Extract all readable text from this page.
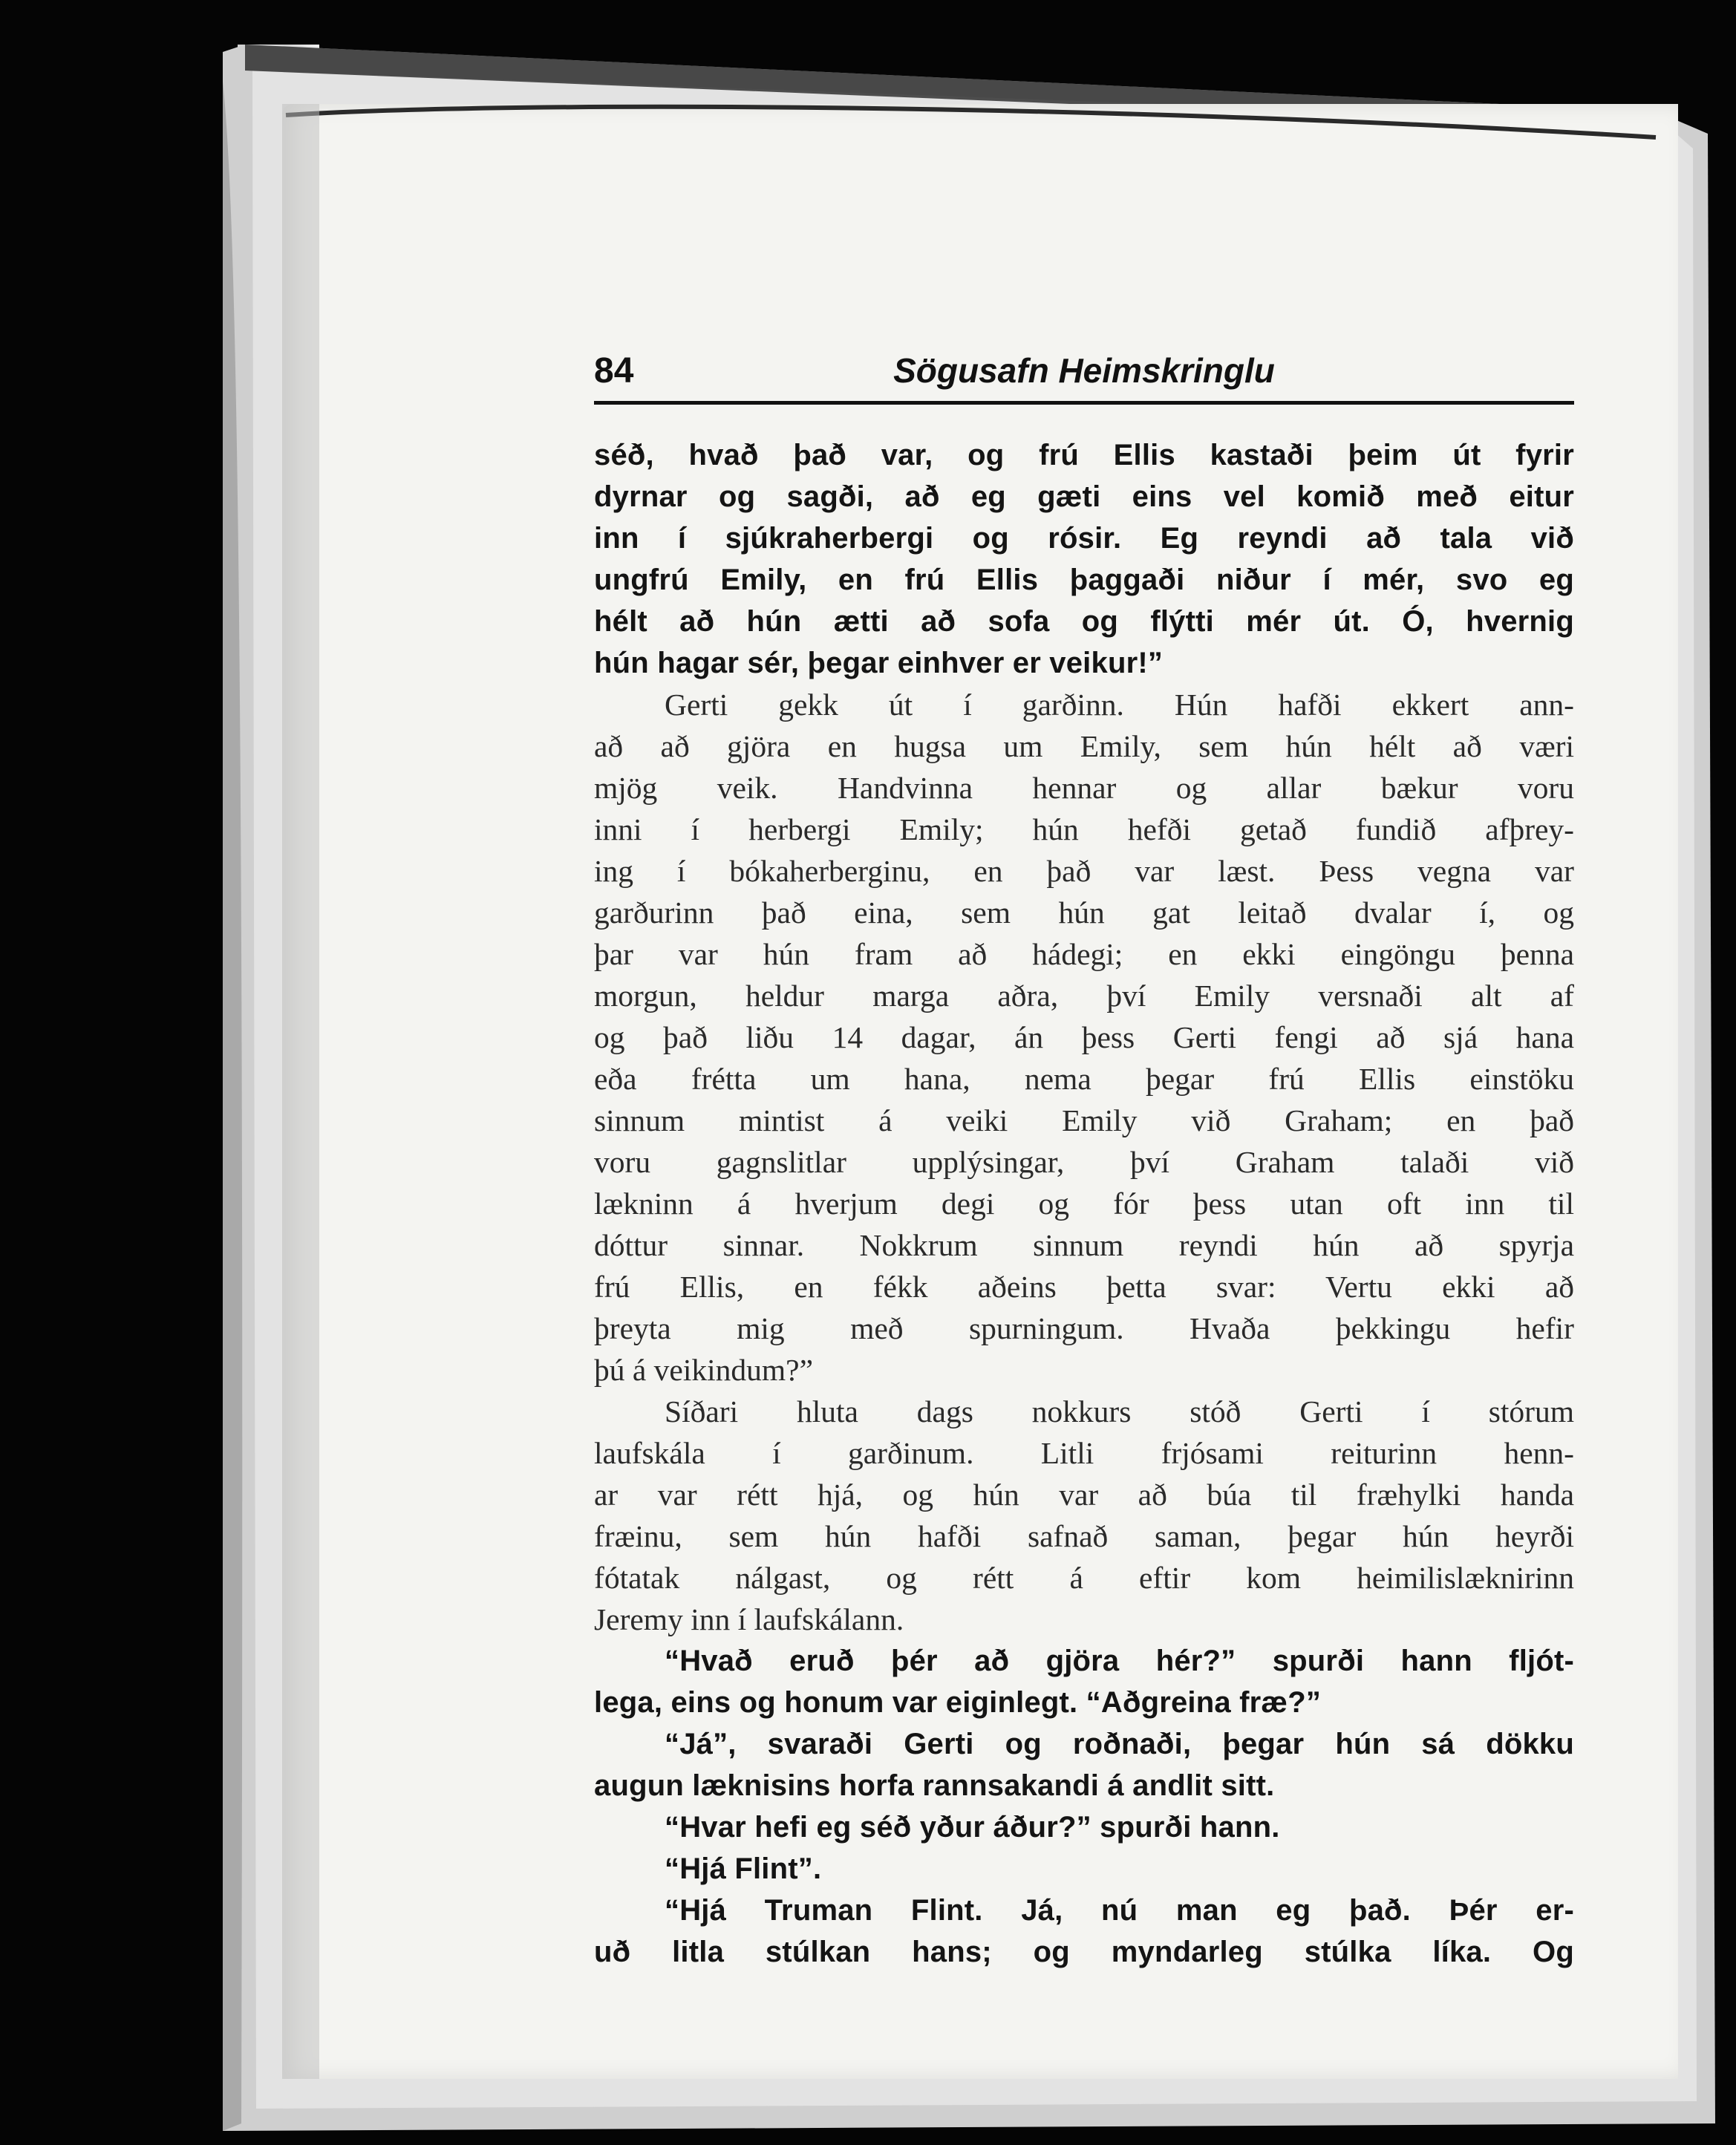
84	Sögusafn Heimskringlu
séð, hvað það var, og frú Ellis kastaði þeim út fyrir
dyrnar og sagði, að eg gæti eins vel komið með eitur
inn í sjúkraherbergi og rósir. Eg reyndi að tala við
ungfrú Emily, en frú Ellis þaggaði niður í mér, svo eg
hélt að hún ætti að sofa og flýtti mér út. Ó, hvernig
hún hagar sér, þegar einhver er veikur!”
Gerti gekk út í garðinn. Hún hafði ekkert ann-
að að gjöra en hugsa um Emily, sem hún hélt að væri
mjög veik. Handvinna hennar og allar bækur voru
inni í herbergi Emily; hún hefði getað fundið afþrey-
ing í bókaherberginu, en það var læst. Þess vegna var
garðurinn það eina, sem hún gat leitað dvalar í, og
þar var hún fram að hádegi; en ekki eingöngu þenna
morgun, heldur marga aðra, því Emily versnaði alt af
og það liðu 14 dagar, án þess Gerti fengi að sjá hana
eða frétta um hana, nema þegar frú Ellis einstöku
sinnum mintist á veiki Emily við Graham; en það
voru gagnslitlar upplýsingar, því Graham talaði við
lækninn á hverjum degi og fór þess utan oft inn til
dóttur sinnar. Nokkrum sinnum reyndi hún að spyrja
frú Ellis, en fékk aðeins þetta svar: Vertu ekki að
þreyta mig með spurningum. Hvaða þekkingu hefir
þú á veikindum?”
Síðari hluta dags nokkurs stóð Gerti í stórum
laufskála í garðinum. Litli frjósami reiturinn henn-
ar var rétt hjá, og hún var að búa til fræhylki handa
fræinu, sem hún hafði safnað saman, þegar hún heyrði
fótatak nálgast, og rétt á eftir kom heimilislæknirinn
Jeremy inn í laufskálann.
“Hvað eruð þér að gjöra hér?” spurði hann fljót-
lega, eins og honum var eiginlegt. “Aðgreina fræ?”
“Já”, svaraði Gerti og roðnaði, þegar hún sá dökku
augun læknisins horfa rannsakandi á andlit sitt.
“Hvar hefi eg séð yður áður?” spurði hann.
“Hjá Flint”.
“Hjá Truman Flint. Já, nú man eg það. Þér er-
uð litla stúlkan hans; og myndarleg stúlka líka. Og
